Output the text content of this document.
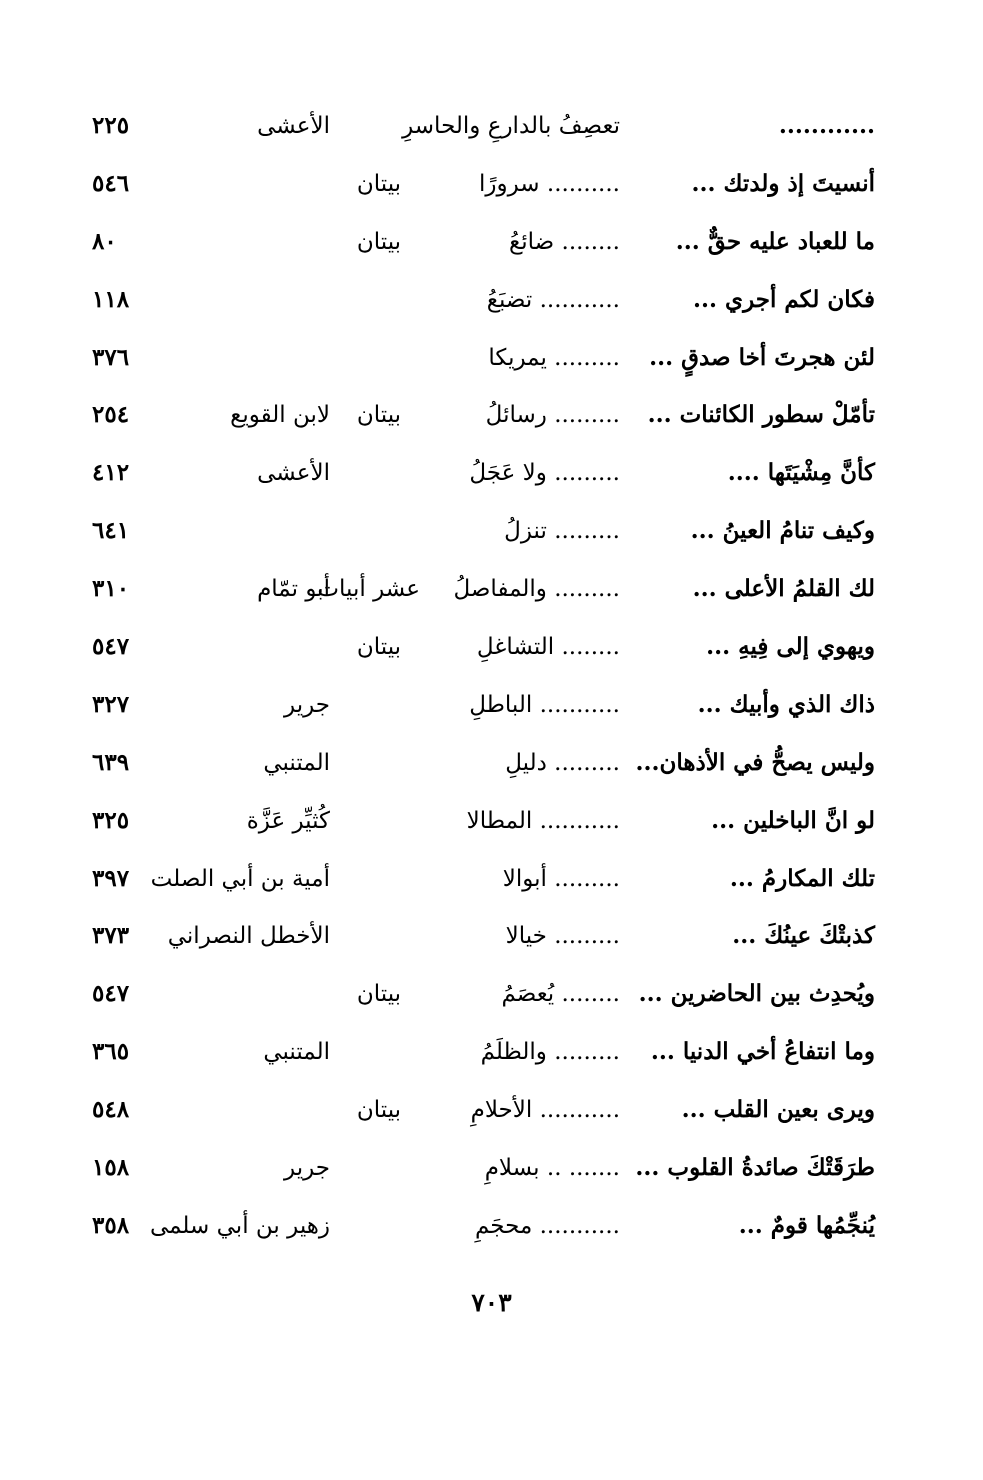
............
تعصِفُ بالدارعِ والحاسرِ
الأعشى
٢٢٥
أنسيتَ إذ ولدتك ...
.......... سرورًا
بيتان
٥٤٦
ما للعباد عليه حقٌّ ...
........ ضائعُ
بيتان
٨٠
فكان لكم أجري ...
........... تضبَعُ
١١٨
لئن هجرتَ أخا صدقٍ ...
......... يمريكا
٣٧٦
تأمّلْ سطور الكائنات ...
......... رسائلُ
بيتان
لابن القويع
٢٥٤
كأنَّ مِشْيَتَها ....
......... ولا عَجَلُ
الأعشى
٤١٢
وكيف تنامُ العينُ ...
......... تنزلُ
٦٤١
لك القلمُ الأعلى ...
......... والمفاصلُ
عشر أبيات
أبو تمّام
٣١٠
ويهوي إلى فِيهِ ...
........ التشاغلِ
بيتان
٥٤٧
ذاك الذي وأبيك ...
........... الباطلِ
جرير
٣٢٧
وليس يصحُّ في الأذهان...
......... دليلِ
المتنبي
٦٣٩
لو انَّ الباخلين ...
........... المطالا
كُثيِّر عَزَّة
٣٢٥
تلك المكارمُ ...
......... أبوالا
أمية بن أبي الصلت
٣٩٧
كذبتْكَ عينُكَ ...
......... خيالا
الأخطل النصراني
٣٧٣
ويُحدِث بين الحاضرين ...
........ يُعصَمُ
بيتان
٥٤٧
وما انتفاعُ أخي الدنيا ...
......... والظلَمُ
المتنبي
٣٦٥
ويرى بعين القلب ...
........... الأحلامِ
بيتان
٥٤٨
طرَقَتْكَ صائدةُ القلوب ...
....... .. بسلامِ
جرير
١٥٨
يُنجِّمُها قومٌ ...
........... محجَمِ
زهير بن أبي سلمى
٣٥٨
٧٠٣
